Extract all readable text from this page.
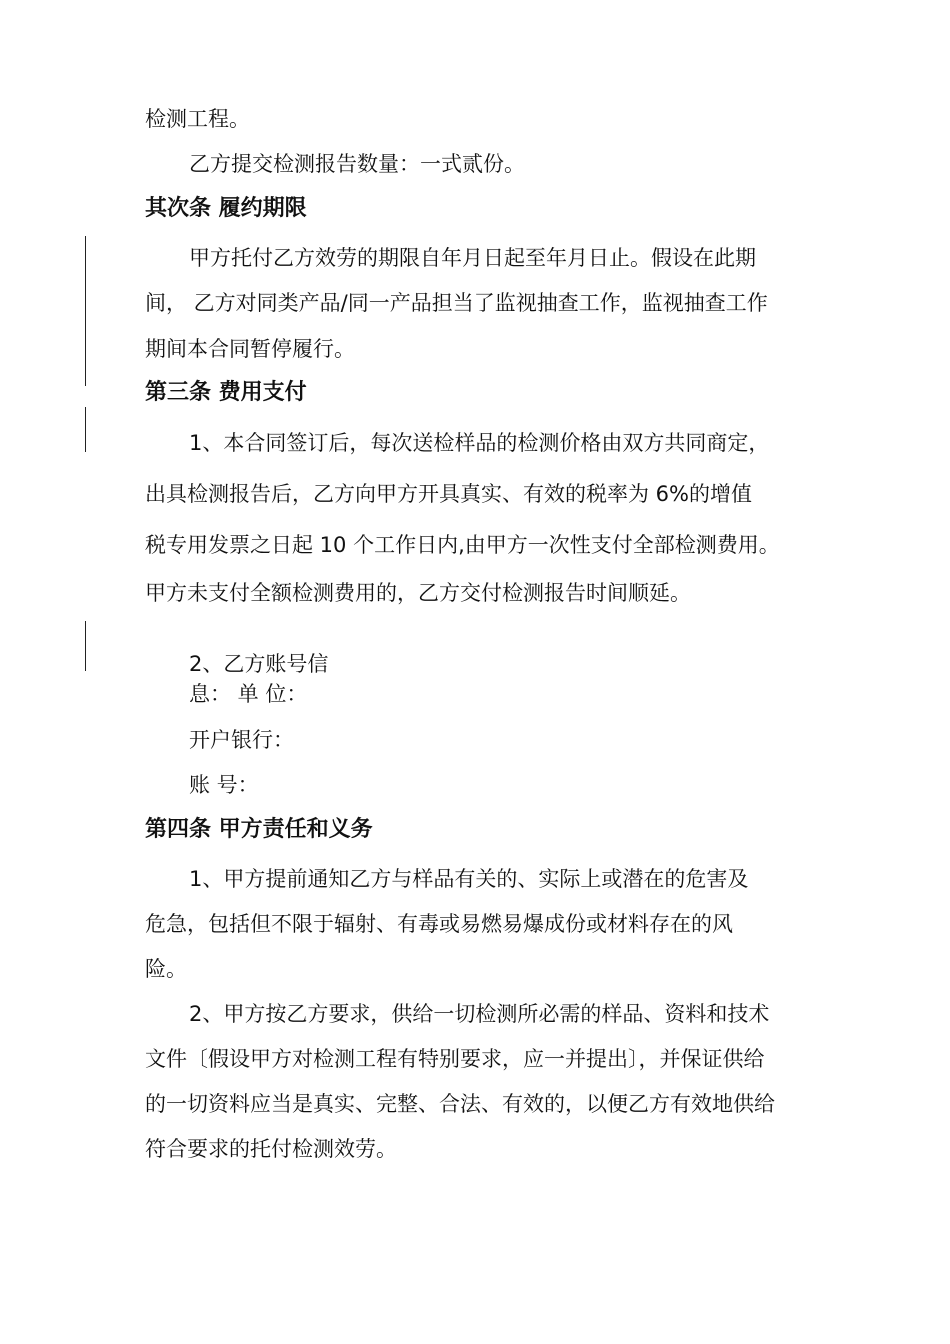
检测工程。
乙方提交检测报告数量：一式贰份。
其次条 履约期限
甲方托付乙方效劳的期限自年月日起至年月日止。假设在此期
间， 乙方对同类产品/同一产品担当了监视抽查工作，监视抽查工作
期间本合同暂停履行。
第三条 费用支付
1、本合同签订后，每次送检样品的检测价格由双方共同商定，
出具检测报告后，乙方向甲方开具真实、有效的税率为 6%的增值
税专用发票之日起 10 个工作日内,由甲方一次性支付全部检测费用。
甲方未支付全额检测费用的，乙方交付检测报告时间顺延。
2、乙方账号信
息： 单 位：
开户银行：
账 号：
第四条 甲方责任和义务
1、甲方提前通知乙方与样品有关的、实际上或潜在的危害及
危急，包括但不限于辐射、有毒或易燃易爆成份或材料存在的风
险。
2、甲方按乙方要求，供给一切检测所必需的样品、资料和技术
文件〔假设甲方对检测工程有特别要求，应一并提出〕，并保证供给
的一切资料应当是真实、完整、合法、有效的，以便乙方有效地供给
符合要求的托付检测效劳。
